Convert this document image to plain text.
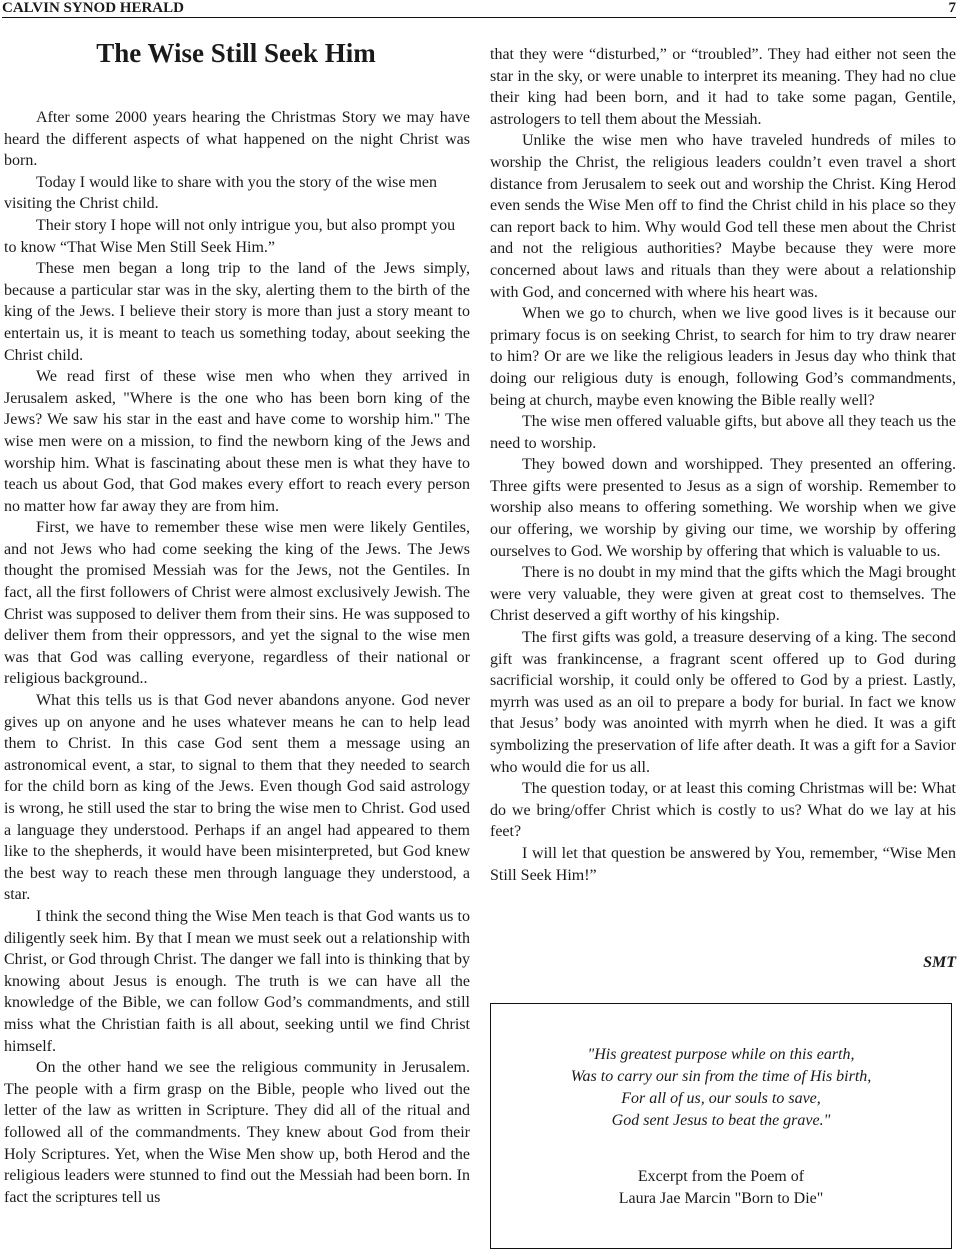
CALVIN SYNOD HERALD	7
The Wise Still Seek Him

After some 2000 years hearing the Christmas Story we may have heard the different aspects of what happened on the night Christ was born.

Today I would like to share with you the story of the wise men visiting the Christ child.

Their story I hope will not only intrigue you, but also prompt you to know “That Wise Men Still Seek Him.”

These men began a long trip to the land of the Jews simply, because a particular star was in the sky, alerting them to the birth of the king of the Jews. I believe their story is more than just a story meant to entertain us, it is meant to teach us something today, about seeking the Christ child.

We read first of these wise men who when they arrived in Jerusalem asked, "Where is the one who has been born king of the Jews? We saw his star in the east and have come to worship him." The wise men were on a mission, to find the newborn king of the Jews and worship him. What is fascinating about these men is what they have to teach us about God, that God makes every effort to reach every person no matter how far away they are from him.

First, we have to remember these wise men were likely Gentiles, and not Jews who had come seeking the king of the Jews. The Jews thought the promised Messiah was for the Jews, not the Gentiles. In fact, all the first followers of Christ were almost exclusively Jewish. The Christ was supposed to deliver them from their sins. He was supposed to deliver them from their oppressors, and yet the signal to the wise men was that God was calling everyone, regardless of their national or religious background..

What this tells us is that God never abandons anyone. God never gives up on anyone and he uses whatever means he can to help lead them to Christ. In this case God sent them a message using an astronomical event, a star, to signal to them that they needed to search for the child born as king of the Jews. Even though God said astrology is wrong, he still used the star to bring the wise men to Christ. God used a language they understood. Perhaps if an angel had appeared to them like to the shepherds, it would have been misinterpreted, but God knew the best way to reach these men through language they understood, a star.

I think the second thing the Wise Men teach is that God wants us to diligently seek him. By that I mean we must seek out a relationship with Christ, or God through Christ. The danger we fall into is thinking that by knowing about Jesus is enough. The truth is we can have all the knowledge of the Bible, we can follow God’s commandments, and still miss what the Christian faith is all about, seeking until we find Christ himself.

On the other hand we see the religious community in Jerusalem. The people with a firm grasp on the Bible, people who lived out the letter of the law as written in Scripture. They did all of the ritual and followed all of the commandments. They knew about God from their Holy Scriptures. Yet, when the Wise Men show up, both Herod and the religious leaders were stunned to find out the Messiah had been born. In fact the scriptures tell us

that they were “disturbed,” or “troubled”. They had either not seen the star in the sky, or were unable to interpret its meaning. They had no clue their king had been born, and it had to take some pagan, Gentile, astrologers to tell them about the Messiah.

Unlike the wise men who have traveled hundreds of miles to worship the Christ, the religious leaders couldn’t even travel a short distance from Jerusalem to seek out and worship the Christ. King Herod even sends the Wise Men off to find the Christ child in his place so they can report back to him. Why would God tell these men about the Christ and not the religious authorities? Maybe because they were more concerned about laws and rituals than they were about a relationship with God, and concerned with where his heart was.

When we go to church, when we live good lives is it because our primary focus is on seeking Christ, to search for him to try draw nearer to him? Or are we like the religious leaders in Jesus day who think that doing our religious duty is enough, following God’s commandments, being at church, maybe even knowing the Bible really well?

The wise men offered valuable gifts, but above all they teach us the need to worship.

They bowed down and worshipped. They presented an offering. Three gifts were presented to Jesus as a sign of worship. Remember to worship also means to offering something. We worship when we give our offering, we worship by giving our time, we worship by offering ourselves to God. We worship by offering that which is valuable to us.

There is no doubt in my mind that the gifts which the Magi brought were very valuable, they were given at great cost to themselves. The Christ deserved a gift worthy of his kingship.

The first gifts was gold, a treasure deserving of a king. The second gift was frankincense, a fragrant scent offered up to God during sacrificial worship, it could only be offered to God by a priest. Lastly, myrrh was used as an oil to prepare a body for burial. In fact we know that Jesus’ body was anointed with myrrh when he died. It was a gift symbolizing the preservation of life after death. It was a gift for a Savior who would die for us all.

The question today, or at least this coming Christmas will be: What do we bring/offer Christ which is costly to us? What do we lay at his feet?

I will let that question be answered by You, remember, “Wise Men Still Seek Him!”

SMT
"His greatest purpose while on this earth,
Was to carry our sin from the time of His birth,
For all of us, our souls to save,
God sent Jesus to beat the grave."
Excerpt from the Poem of
Laura Jae Marcin "Born to Die"
